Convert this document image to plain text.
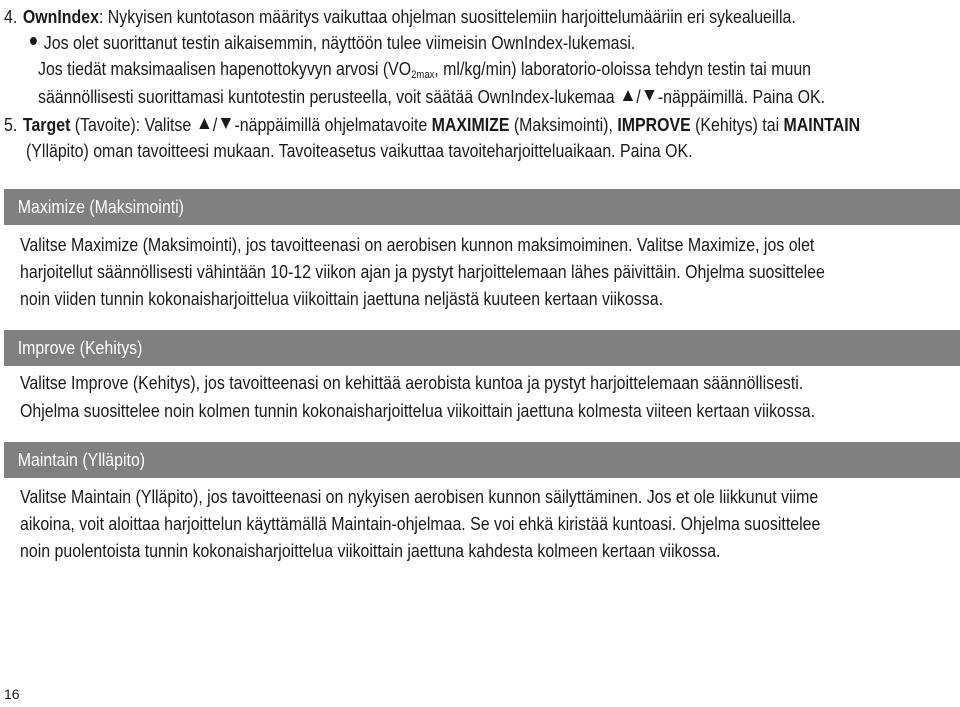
4. OwnIndex: Nykyisen kuntotason määritys vaikuttaa ohjelman suosittelemiin harjoittelumääriin eri sykealueilla.
Jos olet suorittanut testin aikaisemmin, näyttöön tulee viimeisin OwnIndex-lukemasi.
Jos tiedät maksimaalisen hapenottokyvyn arvosi ($VO_{2max}$, ml/kg/min) laboratorio-oloissa tehdyn testin tai muun
säännöllisesti suorittamasi kuntotestin perusteella, voit säätää OwnIndex-lukemaa / -näppäimillä. Paina OK.
5. Target (Tavoite): Valitse / -näppäimillä ohjelmatavoite MAXIMIZE (Maksimointi), IMPROVE (Kehitys) tai MAINTAIN
(Ylläpito) oman tavoitteesi mukaan. Tavoiteasetus vaikuttaa tavoiteharjoitteluaikaan. Paina OK.
Maximize (Maksimointi)
Valitse Maximize (Maksimointi), jos tavoitteenasi on aerobisen kunnon maksimoiminen. Valitse Maximize, jos olet
harjoitellut säännöllisesti vähintään 10-12 viikon ajan ja pystyt harjoittelemaan lähes päivittäin. Ohjelma suosittelee
noin viiden tunnin kokonaisharjoittelua viikoittain jaettuna neljästä kuuteen kertaan viikossa.
Improve (Kehitys)
Valitse Improve (Kehitys), jos tavoitteenasi on kehittää aerobista kuntoa ja pystyt harjoittelemaan säännöllisesti.
Ohjelma suosittelee noin kolmen tunnin kokonaisharjoittelua viikoittain jaettuna kolmesta viiteen kertaan viikossa.
Maintain (Ylläpito)
Valitse Maintain (Ylläpito), jos tavoitteenasi on nykyisen aerobisen kunnon säilyttäminen. Jos et ole liikkunut viime
aikoina, voit aloittaa harjoittelun käyttämällä Maintain-ohjelmaa. Se voi ehkä kiristää kuntoasi. Ohjelma suosittelee
noin puolentoista tunnin kokonaisharjoittelua viikoittain jaettuna kahdesta kolmeen kertaan viikossa.
16
